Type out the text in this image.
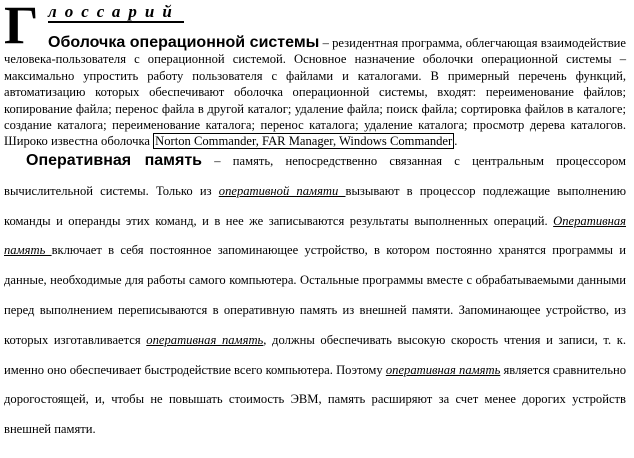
Г лоссарий
Оболочка операционной системы – резидентная программа, облегчающая взаимодействие человека-пользователя с операционной системой. Основное назначение оболочки операционной системы – максимально упростить работу пользователя с файлами и каталогами. В примерный перечень функций, автоматизацию которых обеспечивают оболочка операционной системы, входят: переименование файлов; копирование файла; перенос файла в другой каталог; удаление файла; поиск файла; сортировка файлов в каталоге; создание каталога; переименование каталога; перенос каталога; удаление каталога; просмотр дерева каталогов. Широко известна оболочка Norton Commander, FAR Manager, Windows Commander .
Оперативная память – память, непосредственно связанная с центральным процессором вычислительной системы. Только из оперативной памяти вызывают в процессор подлежащие выполнению команды и операнды этих команд, и в нее же записываются результаты выполненных операций. Оперативная память включает в себя постоянное запоминающее устройство, в котором постоянно хранятся программы и данные, необходимые для работы самого компьютера. Остальные программы вместе с обрабатываемыми данными перед выполнением переписываются в оперативную память из внешней памяти. Запоминающее устройство, из которых изготавливается оперативная память, должны обеспечивать высокую скорость чтения и записи, т. к. именно оно обеспечивает быстродействие всего компьютера. Поэтому оперативная память является сравнительно дорогостоящей, и, чтобы не повышать стоимость ЭВМ, память расширяют за счет менее дорогих устройств внешней памяти.
